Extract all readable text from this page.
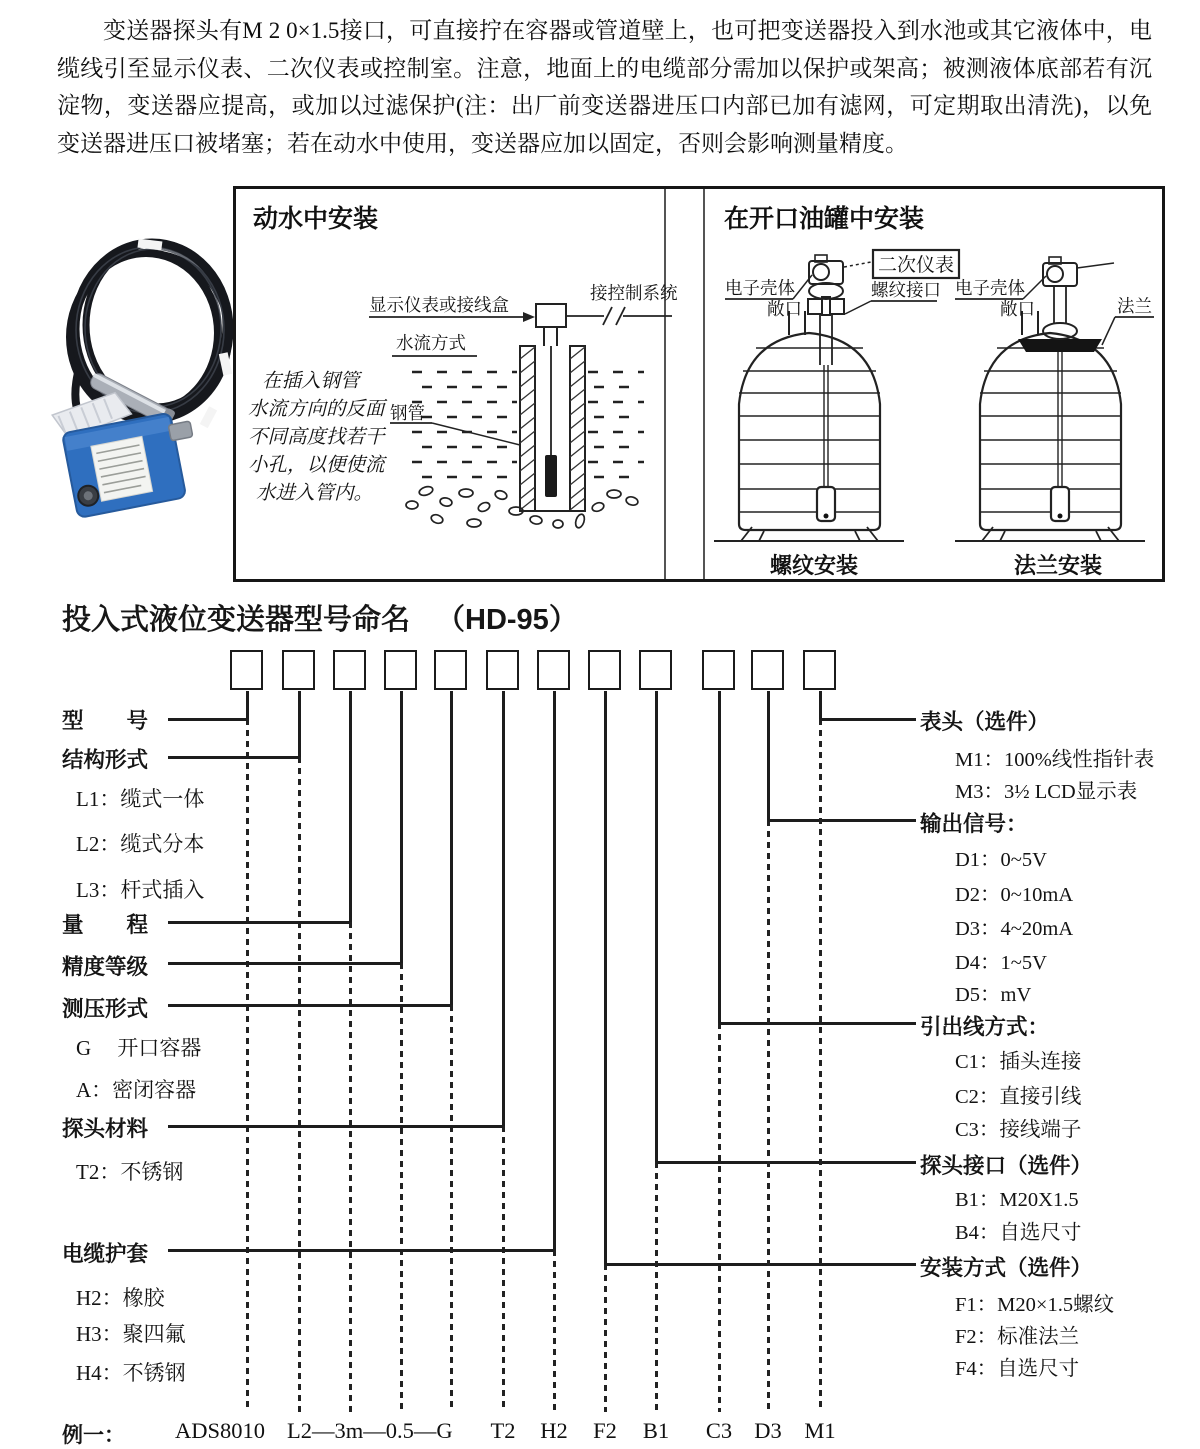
变送器探头有M 2 0×1.5接口，可直接拧在容器或管道壁上，也可把变送器投入到水池或其它液体中，电缆线引至显示仪表、二次仪表或控制室。注意，地面上的电缆部分需加以保护或架高；被测液体底部若有沉淀物，变送器应提高，或加以过滤保护(注：出厂前变送器进压口内部已加有滤网，可定期取出清洗)，以免变送器进压口被堵塞；若在动水中使用，变送器应加以固定，否则会影响测量精度。
动水中安装
显示仪表或接线盒
接控制系统
水流方式
在插入钢管
水流方向的反面
不同高度找若干
小孔，以便使流
水进入管内。
钢管
在开口油罐中安装
电子壳体
敞口
二次仪表
螺纹接口
螺纹安装
电子壳体
敞口	法兰
法兰安装
投入式液位变送器型号命名 （HD-95）
型　　号
结构形式
量　　程
精度等级
测压形式
探头材料
电缆护套
L1：缆式一体
L2：缆式分本
L3：杆式插入
G　 开口容器
A：密闭容器
T2：不锈钢
H2：橡胶
H3：聚四氟
H4：不锈钢
表头（选件）
输出信号：
引出线方式：
探头接口（选件）
安装方式（选件）
M1：100%线性指针表
M3：3½ LCD显示表
D1：0~5V
D2：0~10mA
D3：4~20mA
D4：1~5V
D5：mV
C1：插头连接
C2：直接引线
C3：接线端子
B1：M20X1.5
B4：自选尺寸
F1：M20×1.5螺纹
F2：标准法兰
F4：自选尺寸
例一： ADS8010 L2—3m—0.5—G T2 H2 F2 B1 C3 D3 M1
